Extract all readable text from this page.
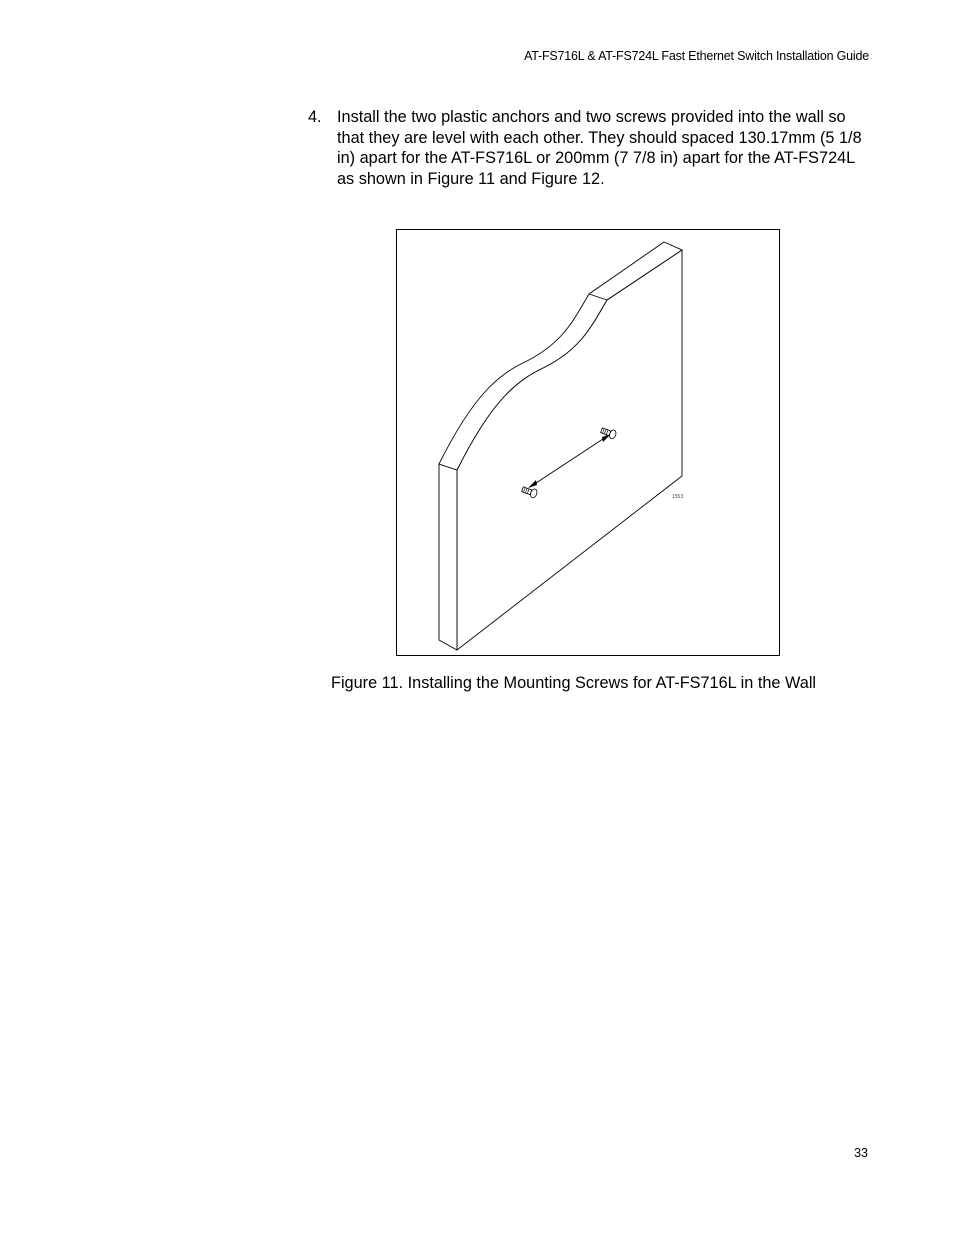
AT-FS716L & AT-FS724L Fast Ethernet Switch Installation Guide
4. Install the two plastic anchors and two screws provided into the wall so that they are level with each other. They should spaced 130.17mm (5 1/8 in) apart for the AT-FS716L or 200mm (7 7/8 in) apart for the AT-FS724L as shown in Figure 11 and Figure 12.
1553
Figure 11. Installing the Mounting Screws for AT-FS716L in the Wall
33
